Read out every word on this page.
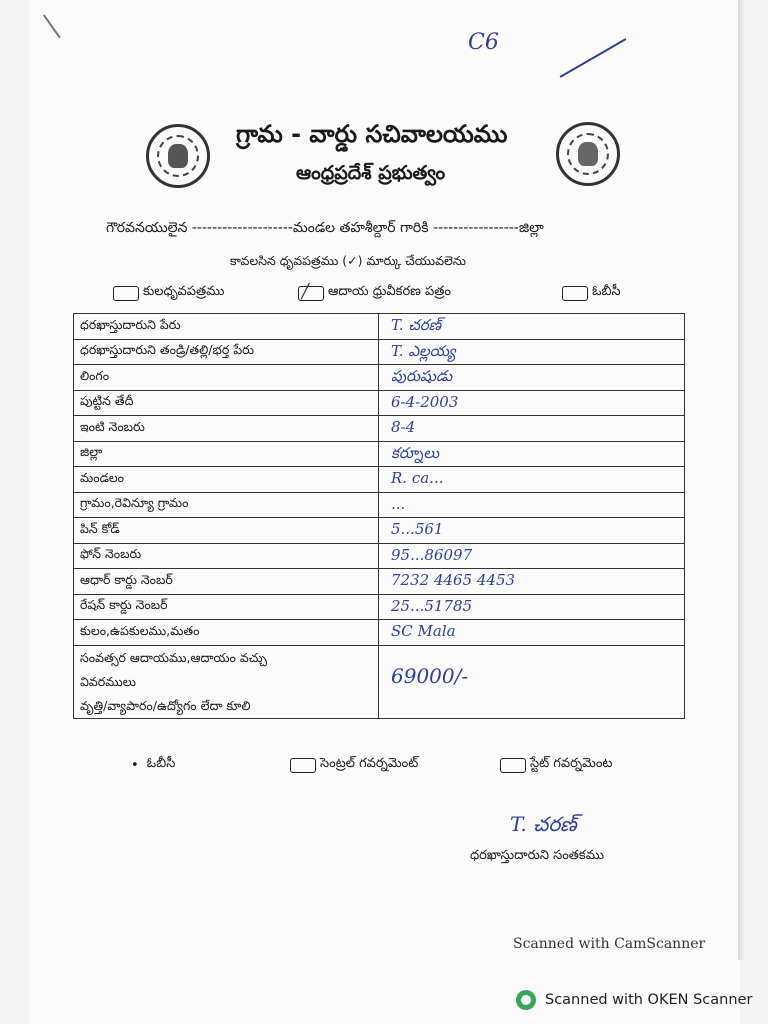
C6
గ్రామ - వార్డు సచివాలయము
ఆంధ్రప్రదేశ్ ప్రభుత్వం
గౌరవనయులైన --------------------మండల తహశీల్దార్ గారికి -----------------జిల్లా
కావలసిన ధృవపత్రము (✓) మార్కు చేయువలెను
కులధృవపత్రము	╱ ఆదాయ ధ్రువీకరణ పత్రం	ఓబీసీ
ధరఖాస్తుదారుని పేరు	T. చరణ్

ధరఖాస్తుదారుని తండ్రి/తల్లి/భర్త పేరు	T. ఎల్లయ్య

లింగం	పురుషుడు

పుట్టిన తేదీ	6-4-2003

ఇంటి నెంబరు	8-4

జిల్లా	కర్నూలు

మండలం	R. ca...

గ్రామం,రెవిన్యూ గ్రామం	...

పిన్ కోడ్	5...561

ఫోన్ నెంబరు	95...86097

ఆధార్ కార్డు నెంబర్	7232 4465 4453

రేషన్ కార్డు నెంబర్	25...51785

కులం,ఉపకులము,మతం	SC Mala

సంవత్సర ఆదాయము,ఆదాయం వచ్చు
వివరములు
వృత్తి/వ్యాపారం/ఉద్యోగం లేదా కూలి	69000/-
• ఓబీసీ	సెంట్రల్ గవర్నమెంట్	స్టేట్ గవర్నమెంట
T. చరణ్
ధరఖాస్తుదారుని సంతకము
Scanned with CamScanner
Scanned with OKEN Scanner
